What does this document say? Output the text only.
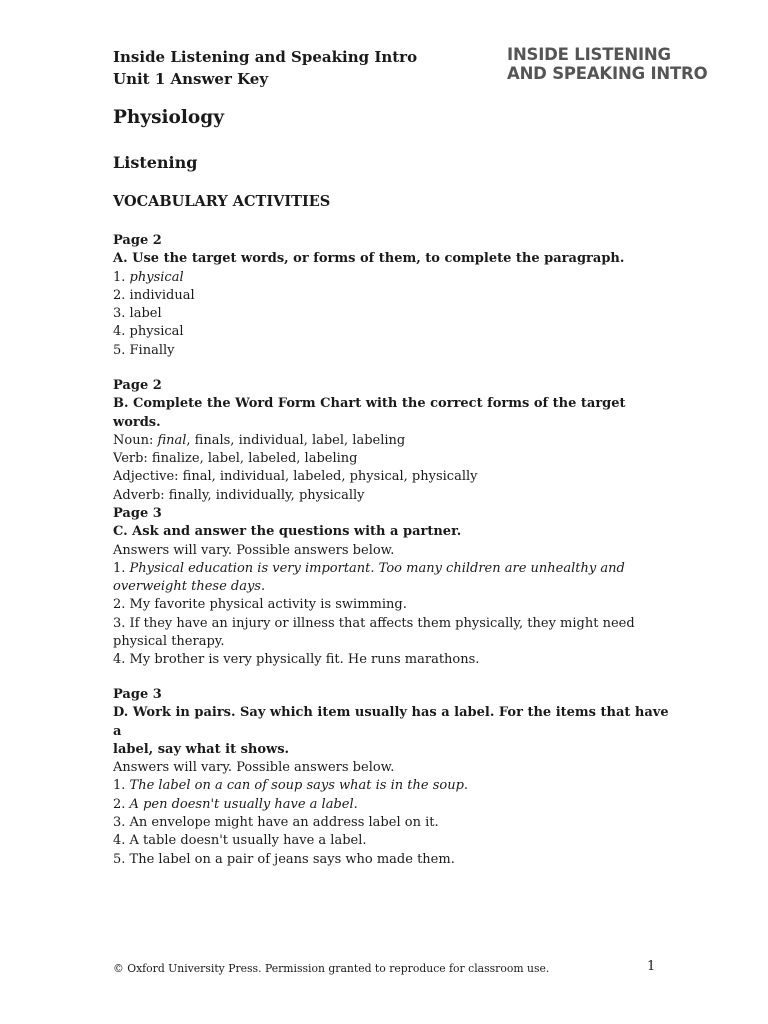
Inside Listening and Speaking Intro

Unit 1 Answer Key

INSIDE LISTENING
AND SPEAKING INTRO
Physiology
Listening
VOCABULARY ACTIVITIES

Page 2

A. Use the target words, or forms of them, to complete the paragraph.

1. physical

2. individual

3. label

4. physical

5. Finally

Page 2

B. Complete the Word Form Chart with the correct forms of the target words.

Noun: final, finals, individual, label, labeling

Verb: finalize, label, labeled, labeling

Adjective: final, individual, labeled, physical, physically

Adverb: finally, individually, physically

Page 3

C. Ask and answer the questions with a partner.

Answers will vary. Possible answers below.

1. Physical education is very important. Too many children are unhealthy and

overweight these days.

2. My favorite physical activity is swimming.

3. If they have an injury or illness that affects them physically, they might need

physical therapy.

4. My brother is very physically fit. He runs marathons.

Page 3

D. Work in pairs. Say which item usually has a label. For the items that have a

label, say what it shows.

Answers will vary. Possible answers below.

1. The label on a can of soup says what is in the soup.

2. A pen doesn't usually have a label.

3. An envelope might have an address label on it.

4. A table doesn't usually have a label.

5. The label on a pair of jeans says who made them.

© Oxford University Press. Permission granted to reproduce for classroom use.	1
